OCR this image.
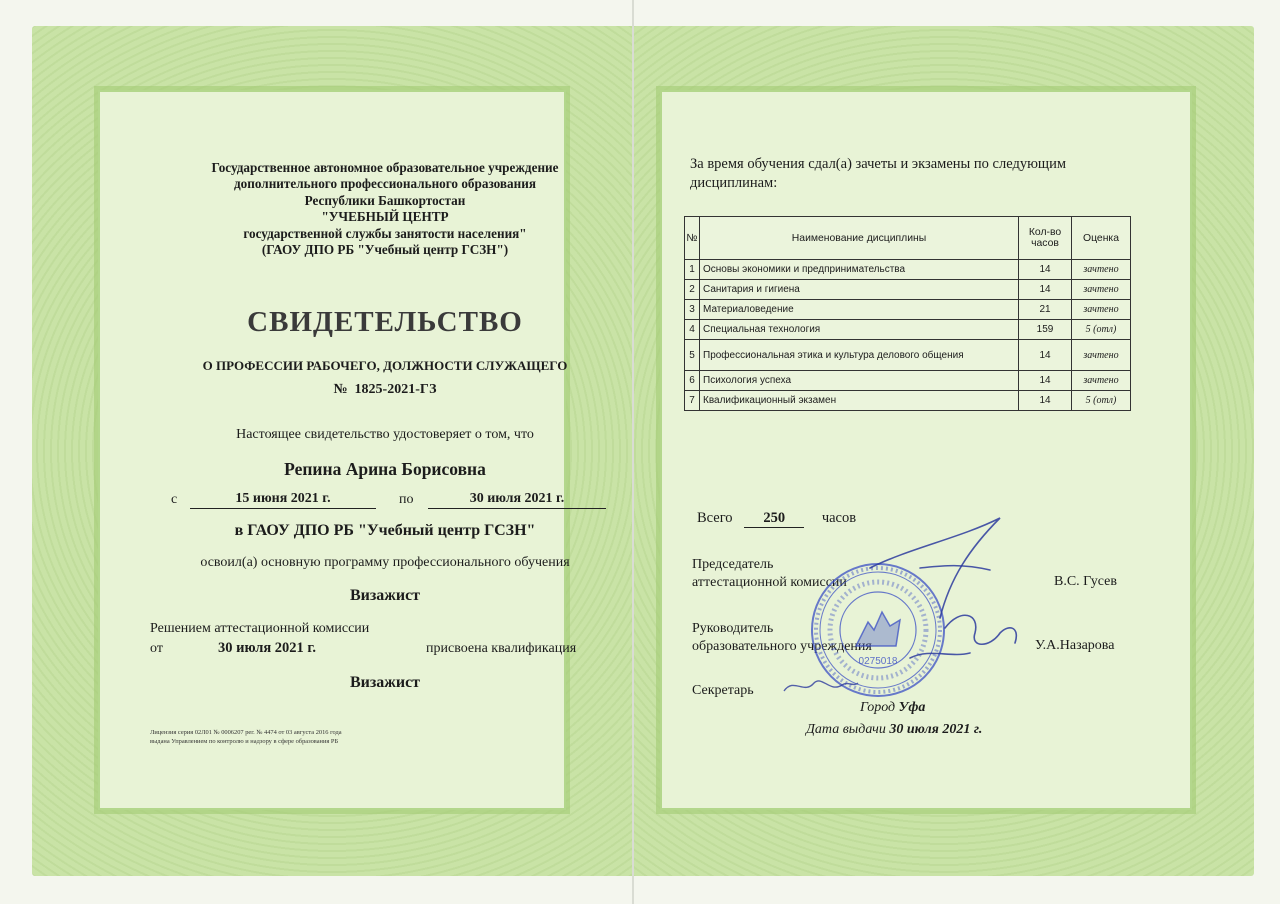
Государственное автономное образовательное учреждение
дополнительного профессионального образования
Республики Башкортостан
"УЧЕБНЫЙ ЦЕНТР
государственной службы занятости населения"
(ГАОУ ДПО РБ "Учебный центр ГСЗН")
СВИДЕТЕЛЬСТВО
О ПРОФЕССИИ РАБОЧЕГО, ДОЛЖНОСТИ СЛУЖАЩЕГО
№ 1825-2021-ГЗ
Настоящее свидетельство удостоверяет о том, что
Репина Арина Борисовна
с	15 июня 2021 г.	по	30 июля 2021 г.
в ГАОУ ДПО РБ "Учебный центр ГСЗН"
освоил(а) основную программу профессионального обучения
Визажист
Решением аттестационной комиссии
от	30 июля 2021 г.	присвоена квалификация
Визажист
Лицензия серия 02Л01 № 0006207 рег. № 4474 от 03 августа 2016 года
выдана Управлением по контролю и надзору в сфере образования РБ
За время обучения сдал(а) зачеты и экзамены по следующим дисциплинам:
№	Наименование дисциплины	Кол-во часов	Оценка
1	Основы экономики и предпринимательства	14	зачтено
2	Санитария и гигиена	14	зачтено
3	Материаловедение	21	зачтено
4	Специальная технология	159	5 (отл)
5	Профессиональная этика и культура делового общения	14	зачтено
6	Психология успеха	14	зачтено
7	Квалификационный экзамен	14	5 (отл)
Всего 250	часов
Председатель
аттестационной комиссии	В.С. Гусев
Руководитель
образовательного учреждения	У.А.Назарова
Секретарь
0275018
Город Уфа
Дата выдачи 30 июля 2021 г.
